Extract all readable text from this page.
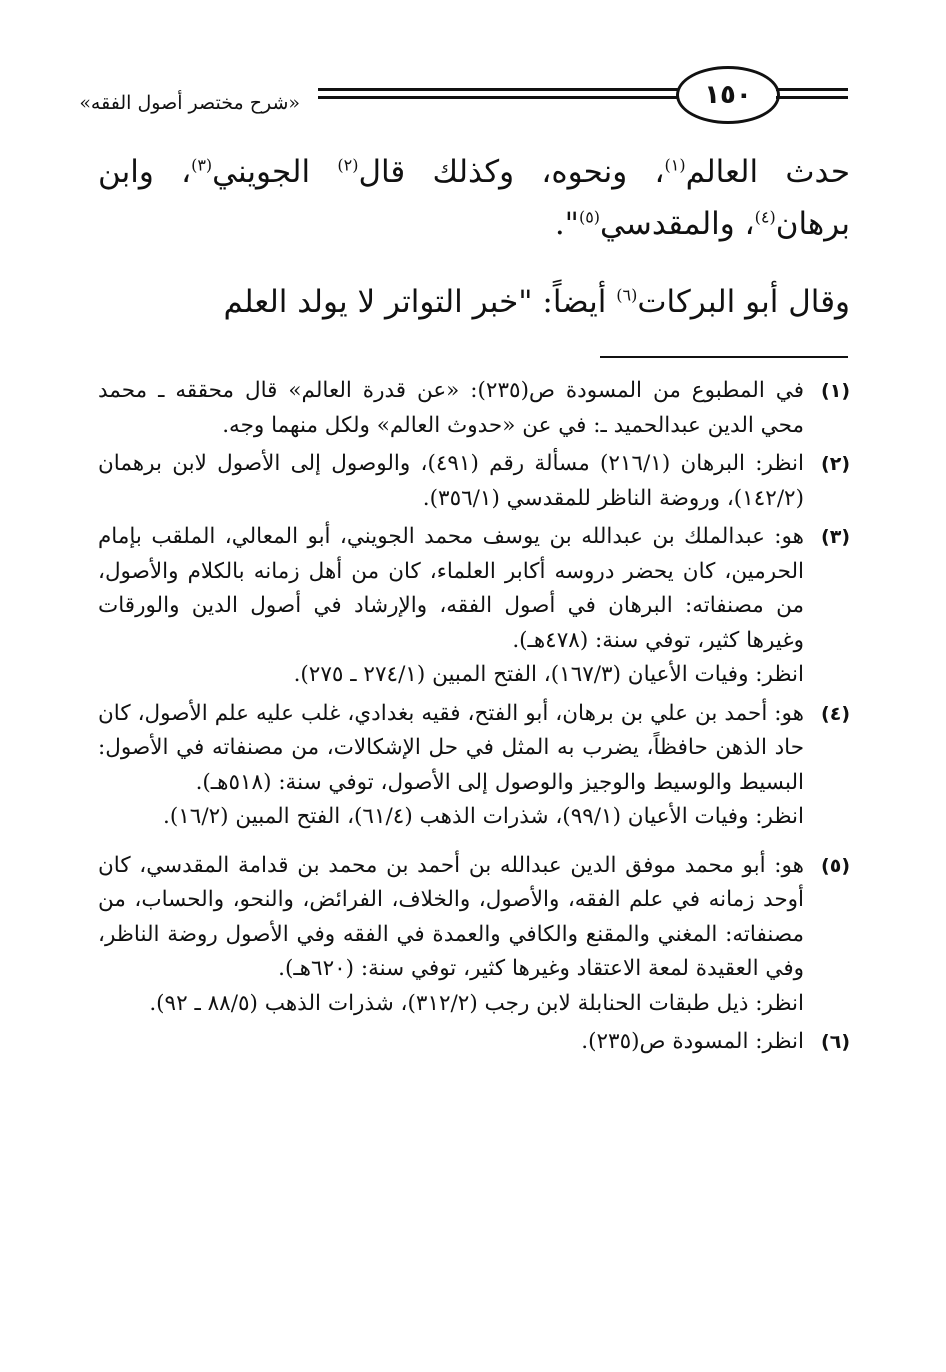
«شرح مختصر أصول الفقه»	١٥٠

حدث العالم$^{(١)}$، ونحوه، وكذلك قال$^{(٢)}$ الجويني$^{(٣)}$، وابن برهان$^{(٤)}$، والمقدسي$^{(٥)}$".

وقال أبو البركات$^{(٦)}$ أيضاً: "خبر التواتر لا يولد العلم

(١)
في المطبوع من المسودة ص(٢٣٥): «عن قدرة العالم» قال محققه ـ محمد محي الدين عبدالحميد ـ: في عن «حدوث العالم» ولكل منهما وجه.
(٢)
انظر: البرهان (٢١٦/١) مسألة رقم (٤٩١)، والوصول إلى الأصول لابن برهمان (١٤٢/٢)، وروضة الناظر للمقدسي (٣٥٦/١).
(٣)
هو: عبدالملك بن عبدالله بن يوسف محمد الجويني، أبو المعالي، الملقب بإمام الحرمين، كان يحضر دروسه أكابر العلماء، كان من أهل زمانه بالكلام والأصول، من مصنفاته: البرهان في أصول الفقه، والإرشاد في أصول الدين والورقات وغيرها كثير، توفي سنة: (٤٧٨هـ).
انظر: وفيات الأعيان (١٦٧/٣)، الفتح المبين (٢٧٤/١ ـ ٢٧٥).
(٤)
هو: أحمد بن علي بن برهان، أبو الفتح، فقيه بغدادي، غلب عليه علم الأصول، كان حاد الذهن حافظاً، يضرب به المثل في حل الإشكالات، من مصنفاته في الأصول: البسيط والوسيط والوجيز والوصول إلى الأصول، توفي سنة: (٥١٨هـ).
انظر: وفيات الأعيان (٩٩/١)، شذرات الذهب (٦١/٤)، الفتح المبين (١٦/٢).
(٥)
هو: أبو محمد موفق الدين عبدالله بن أحمد بن محمد بن قدامة المقدسي، كان أوحد زمانه في علم الفقه، والأصول، والخلاف، الفرائض، والنحو، والحساب، من مصنفاته: المغني والمقنع والكافي والعمدة في الفقه وفي الأصول روضة الناظر، وفي العقيدة لمعة الاعتقاد وغيرها كثير، توفي سنة: (٦٢٠هـ).
انظر: ذيل طبقات الحنابلة لابن رجب (٣١٢/٢)، شذرات الذهب (٨٨/٥ ـ ٩٢).
(٦)
انظر: المسودة ص(٢٣٥).
